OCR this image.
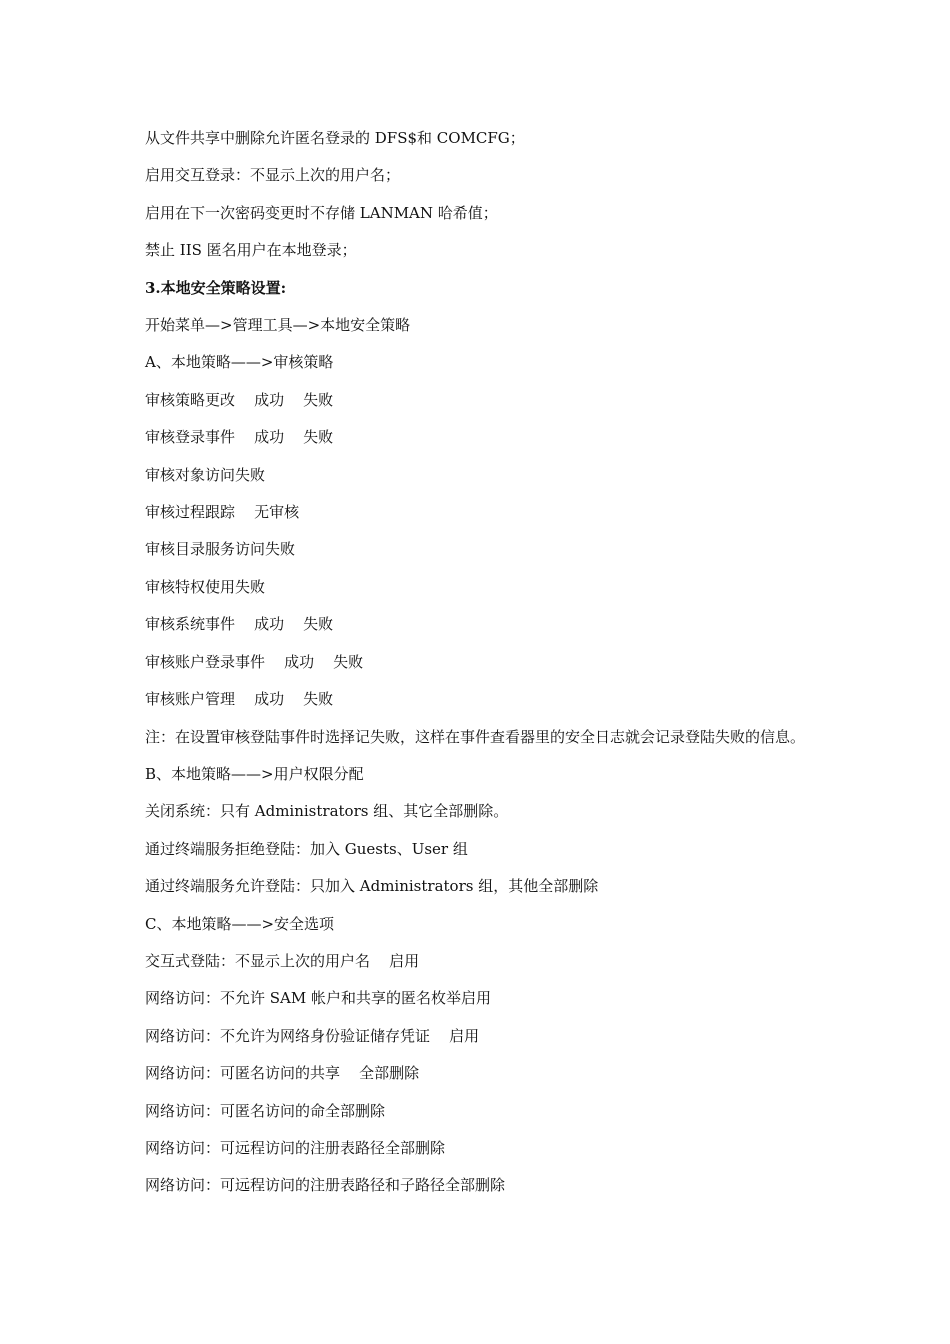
从文件共享中删除允许匿名登录的 DFS$和 COMCFG；

启用交互登录：不显示上次的用户名；

启用在下一次密码变更时不存储 LANMAN 哈希值；

禁止 IIS 匿名用户在本地登录；

3.本地安全策略设置:

开始菜单—>管理工具—>本地安全策略

A、本地策略——>审核策略

审核策略更改    成功    失败

审核登录事件    成功    失败

审核对象访问失败

审核过程跟踪    无审核

审核目录服务访问失败

审核特权使用失败

审核系统事件    成功    失败

审核账户登录事件    成功    失败

审核账户管理    成功    失败

注：在设置审核登陆事件时选择记失败，这样在事件查看器里的安全日志就会记录登陆失败的信息。

B、本地策略——>用户权限分配

关闭系统：只有 Administrators 组、其它全部删除。

通过终端服务拒绝登陆：加入 Guests、User 组

通过终端服务允许登陆：只加入 Administrators 组，其他全部删除

C、本地策略——>安全选项

交互式登陆：不显示上次的用户名    启用

网络访问：不允许 SAM 帐户和共享的匿名枚举启用

网络访问：不允许为网络身份验证储存凭证    启用

网络访问：可匿名访问的共享    全部删除

网络访问：可匿名访问的命全部删除

网络访问：可远程访问的注册表路径全部删除

网络访问：可远程访问的注册表路径和子路径全部删除
